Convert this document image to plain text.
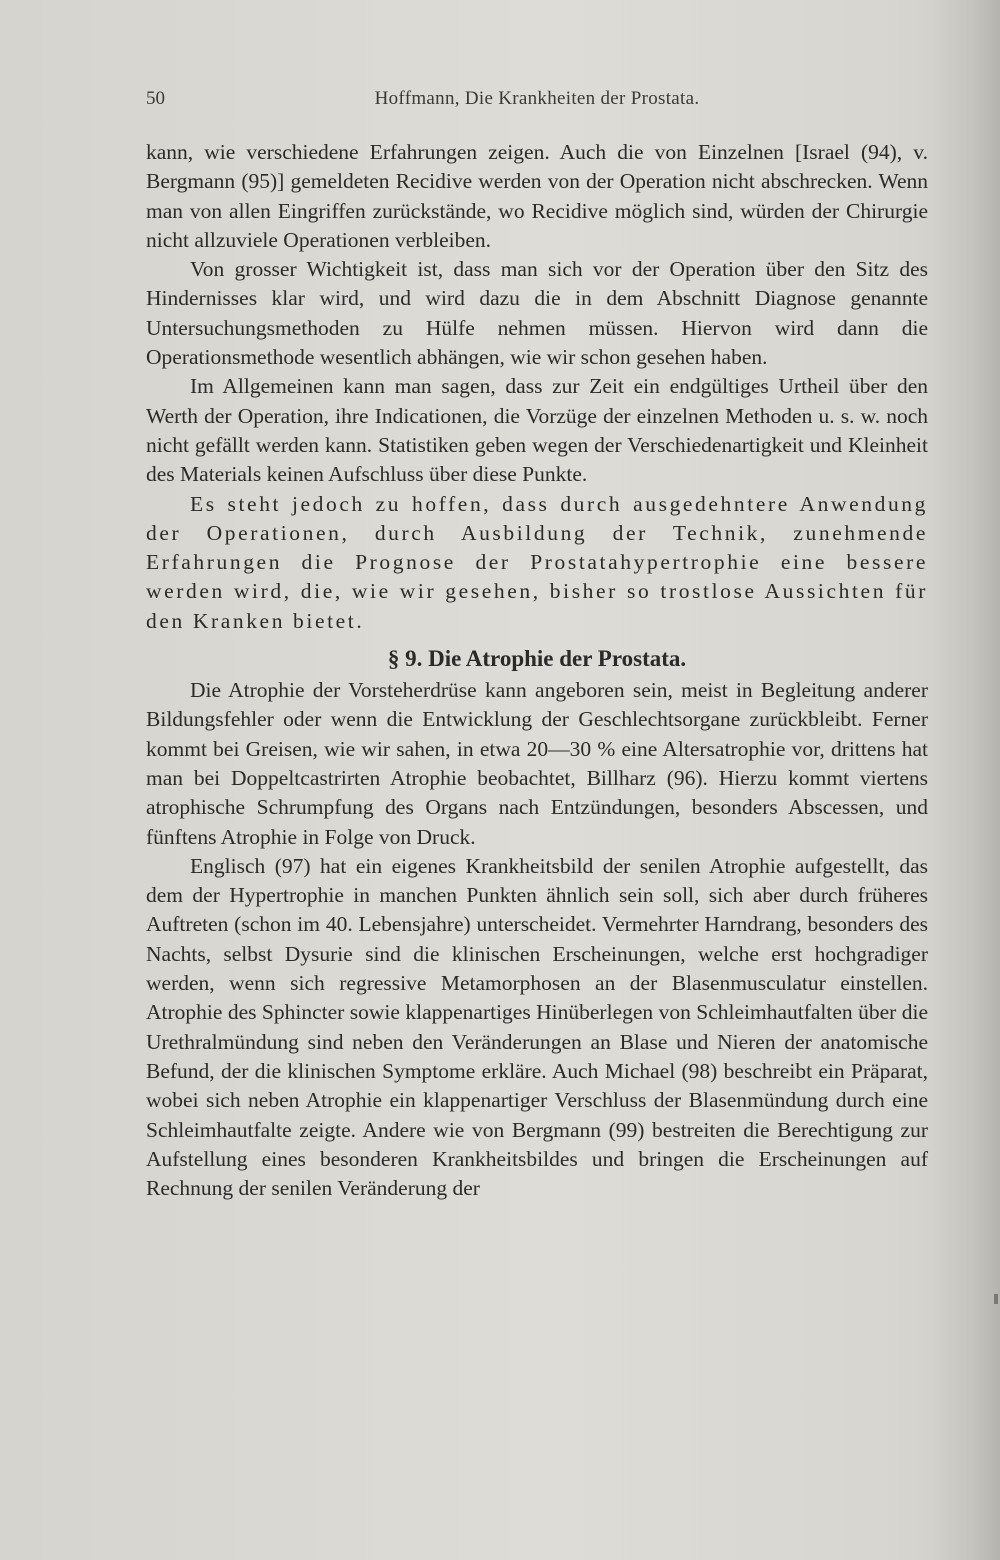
50	Hoffmann, Die Krankheiten der Prostata.

kann, wie verschiedene Erfahrungen zeigen. Auch die von Einzelnen [Israel (94), v. Bergmann (95)] gemeldeten Recidive werden von der Operation nicht abschrecken. Wenn man von allen Eingriffen zurückstände, wo Recidive möglich sind, würden der Chirurgie nicht allzuviele Operationen verbleiben.

Von grosser Wichtigkeit ist, dass man sich vor der Operation über den Sitz des Hindernisses klar wird, und wird dazu die in dem Abschnitt Diagnose genannte Untersuchungsmethoden zu Hülfe nehmen müssen. Hiervon wird dann die Operationsmethode wesentlich abhängen, wie wir schon gesehen haben.

Im Allgemeinen kann man sagen, dass zur Zeit ein endgültiges Urtheil über den Werth der Operation, ihre Indicationen, die Vorzüge der einzelnen Methoden u. s. w. noch nicht gefällt werden kann. Statistiken geben wegen der Verschiedenartigkeit und Kleinheit des Materials keinen Aufschluss über diese Punkte.

Es steht jedoch zu hoffen, dass durch ausgedehntere Anwendung der Operationen, durch Ausbildung der Technik, zunehmende Erfahrungen die Prognose der Prostatahypertrophie eine bessere werden wird, die, wie wir gesehen, bisher so trostlose Aussichten für den Kranken bietet.

§ 9. Die Atrophie der Prostata.

Die Atrophie der Vorsteherdrüse kann angeboren sein, meist in Begleitung anderer Bildungsfehler oder wenn die Entwicklung der Geschlechtsorgane zurückbleibt. Ferner kommt bei Greisen, wie wir sahen, in etwa 20—30 % eine Altersatrophie vor, drittens hat man bei Doppeltcastrirten Atrophie beobachtet, Billharz (96). Hierzu kommt viertens atrophische Schrumpfung des Organs nach Entzündungen, besonders Abscessen, und fünftens Atrophie in Folge von Druck.

Englisch (97) hat ein eigenes Krankheitsbild der senilen Atrophie aufgestellt, das dem der Hypertrophie in manchen Punkten ähnlich sein soll, sich aber durch früheres Auftreten (schon im 40. Lebensjahre) unterscheidet. Vermehrter Harndrang, besonders des Nachts, selbst Dysurie sind die klinischen Erscheinungen, welche erst hochgradiger werden, wenn sich regressive Metamorphosen an der Blasenmusculatur einstellen. Atrophie des Sphincter sowie klappenartiges Hinüberlegen von Schleimhautfalten über die Urethralmündung sind neben den Veränderungen an Blase und Nieren der anatomische Befund, der die klinischen Symptome erkläre. Auch Michael (98) beschreibt ein Präparat, wobei sich neben Atrophie ein klappenartiger Verschluss der Blasenmündung durch eine Schleimhautfalte zeigte. Andere wie von Bergmann (99) bestreiten die Berechtigung zur Aufstellung eines besonderen Krankheitsbildes und bringen die Erscheinungen auf Rechnung der senilen Veränderung der
